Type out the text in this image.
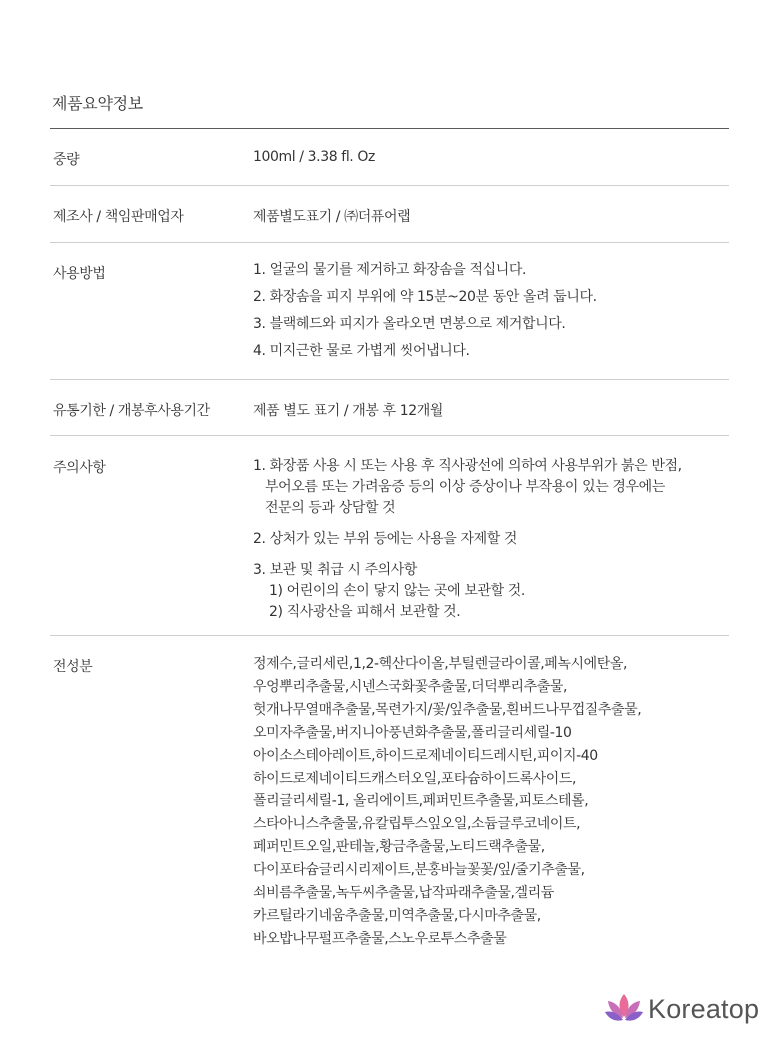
제품요약정보
중량	100ml / 3.38 fl. Oz
제조사 / 책임판매업자	제품별도표기 / ㈜더퓨어랩
사용방법	1. 얼굴의 물기를 제거하고 화장솜을 적십니다.
2. 화장솜을 피지 부위에 약 15분~20분 동안 올려 둡니다.
3. 블랙헤드와 피지가 올라오면 면봉으로 제거합니다.
4. 미지근한 물로 가볍게 씻어냅니다.
유통기한 / 개봉후사용기간	제품 별도 표기 / 개봉 후 12개월
주의사항	1. 화장품 사용 시 또는 사용 후 직사광선에 의하여 사용부위가 붉은 반점,
부어오름 또는 가려움증 등의 이상 증상이나 부작용이 있는 경우에는
전문의 등과 상담할 것
2. 상처가 있는 부위 등에는 사용을 자제할 것
3. 보관 및 취급 시 주의사항
1) 어린이의 손이 닿지 않는 곳에 보관할 것.
2) 직사광산을 피해서 보관할 것.
전성분	정제수,글리세린,1,2-헥산다이올,부틸렌글라이콜,페녹시에탄올,
우엉뿌리추출물,시넨스국화꽃추출물,더덕뿌리추출물,
헛개나무열매추출물,목련가지/꽃/잎추출물,흰버드나무껍질추출물,
오미자추출물,버지니아풍년화추출물,폴리글리세릴-10
아이소스테아레이트,하이드로제네이티드레시틴,피이지-40
하이드로제네이티드캐스터오일,포타슘하이드록사이드,
폴리글리세릴-1, 올리에이트,페퍼민트추출물,피토스테롤,
스타아니스추출물,유칼립투스잎오일,소듐글루코네이트,
페퍼민트오일,판테놀,황금추출물,노티드랙추출물,
다이포타슘글리시리제이트,분홍바늘꽃꽃/잎/줄기추출물,
쇠비름추출물,녹두씨추출물,납작파래추출물,겔리듐
카르틸라기네움추출물,미역추출물,다시마추출물,
바오밥나무펄프추출물,스노우로투스추출물
Koreatop
